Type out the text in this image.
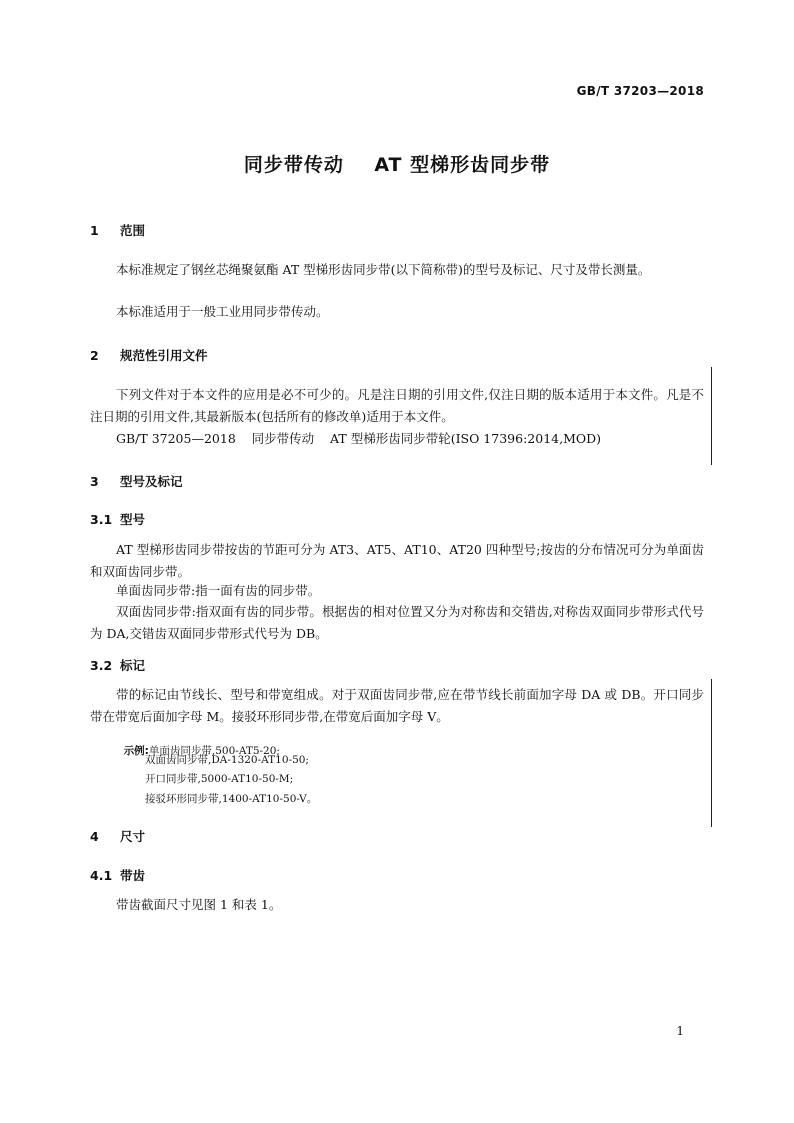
GB/T 37203—2018
同步带传动    AT 型梯形齿同步带
1 范围
本标准规定了钢丝芯绳聚氨酯 AT 型梯形齿同步带(以下简称带)的型号及标记、尺寸及带长测量。
本标准适用于一般工业用同步带传动。
2 规范性引用文件
下列文件对于本文件的应用是必不可少的。凡是注日期的引用文件,仅注日期的版本适用于本文件。凡是不注日期的引用文件,其最新版本(包括所有的修改单)适用于本文件。
GB/T 37205—2018    同步带传动    AT 型梯形齿同步带轮(ISO 17396:2014,MOD)
3 型号及标记
3.1 型号
AT 型梯形齿同步带按齿的节距可分为 AT3、AT5、AT10、AT20 四种型号;按齿的分布情况可分为单面齿和双面齿同步带。
单面齿同步带:指一面有齿的同步带。
双面齿同步带:指双面有齿的同步带。根据齿的相对位置又分为对称齿和交错齿,对称齿双面同步带形式代号为 DA,交错齿双面同步带形式代号为 DB。
3.2 标记
带的标记由节线长、型号和带宽组成。对于双面齿同步带,应在带节线长前面加字母 DA 或 DB。开口同步带在带宽后面加字母 M。接驳环形同步带,在带宽后面加字母 V。

示例:单面齿同步带,500-AT5-20;

双面齿同步带,DA-1320-AT10-50;
开口同步带,5000-AT10-50-M;
接驳环形同步带,1400-AT10-50-V。
4 尺寸
4.1 带齿
带齿截面尺寸见图 1 和表 1。
1
